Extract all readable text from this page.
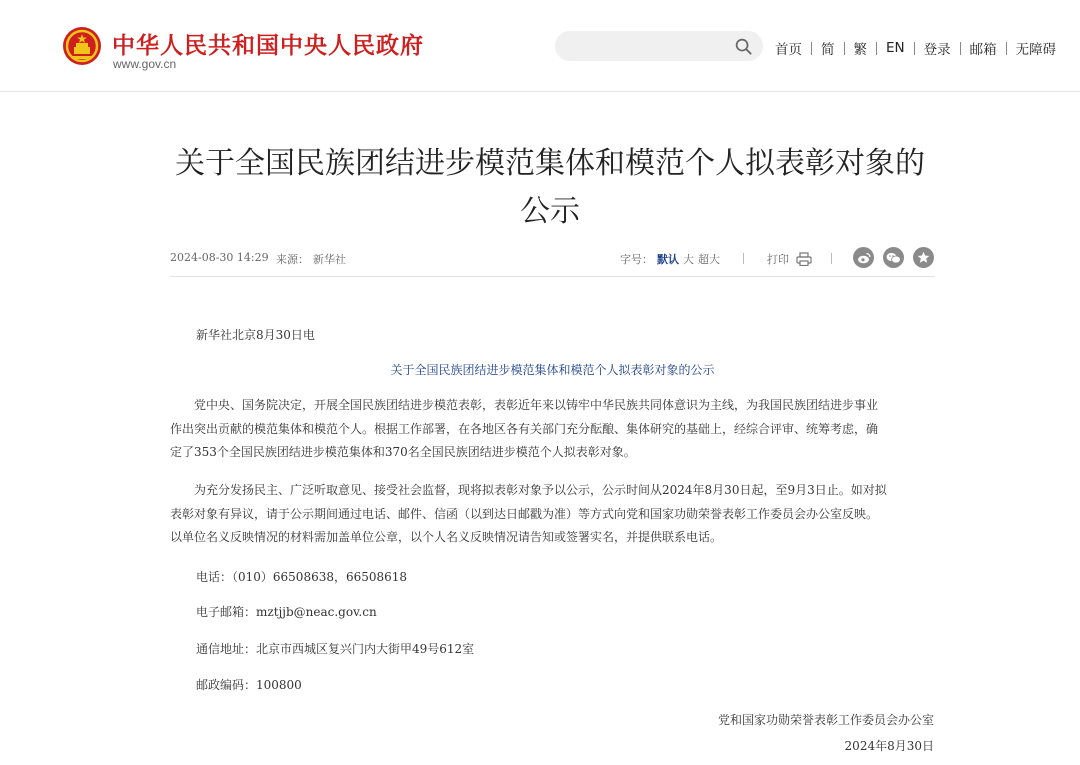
中华人民共和国中央人民政府
www.gov.cn
首页 简 繁 EN 登录 邮箱 无障碍
关于全国民族团结进步模范集体和模范个人拟表彰对象的
公示
2024-08-30 14:29 来源： 新华社	字号： 默认 大 超大	打印
新华社北京8月30日电
关于全国民族团结进步模范集体和模范个人拟表彰对象的公示
　　党中央、国务院决定，开展全国民族团结进步模范表彰，表彰近年来以铸牢中华民族共同体意识为主线，为我国民族团结进步事业
作出突出贡献的模范集体和模范个人。根据工作部署，在各地区各有关部门充分酝酿、集体研究的基础上，经综合评审、统筹考虑，确
定了353个全国民族团结进步模范集体和370名全国民族团结进步模范个人拟表彰对象。
　　为充分发扬民主、广泛听取意见、接受社会监督，现将拟表彰对象予以公示，公示时间从2024年8月30日起，至9月3日止。如对拟
表彰对象有异议，请于公示期间通过电话、邮件、信函（以到达日邮戳为准）等方式向党和国家功勋荣誉表彰工作委员会办公室反映。
以单位名义反映情况的材料需加盖单位公章，以个人名义反映情况请告知或签署实名，并提供联系电话。
电话：（010）66508638，66508618
电子邮箱：mztjjb@neac.gov.cn
通信地址：北京市西城区复兴门内大街甲49号612室
邮政编码：100800
党和国家功勋荣誉表彰工作委员会办公室
2024年8月30日
